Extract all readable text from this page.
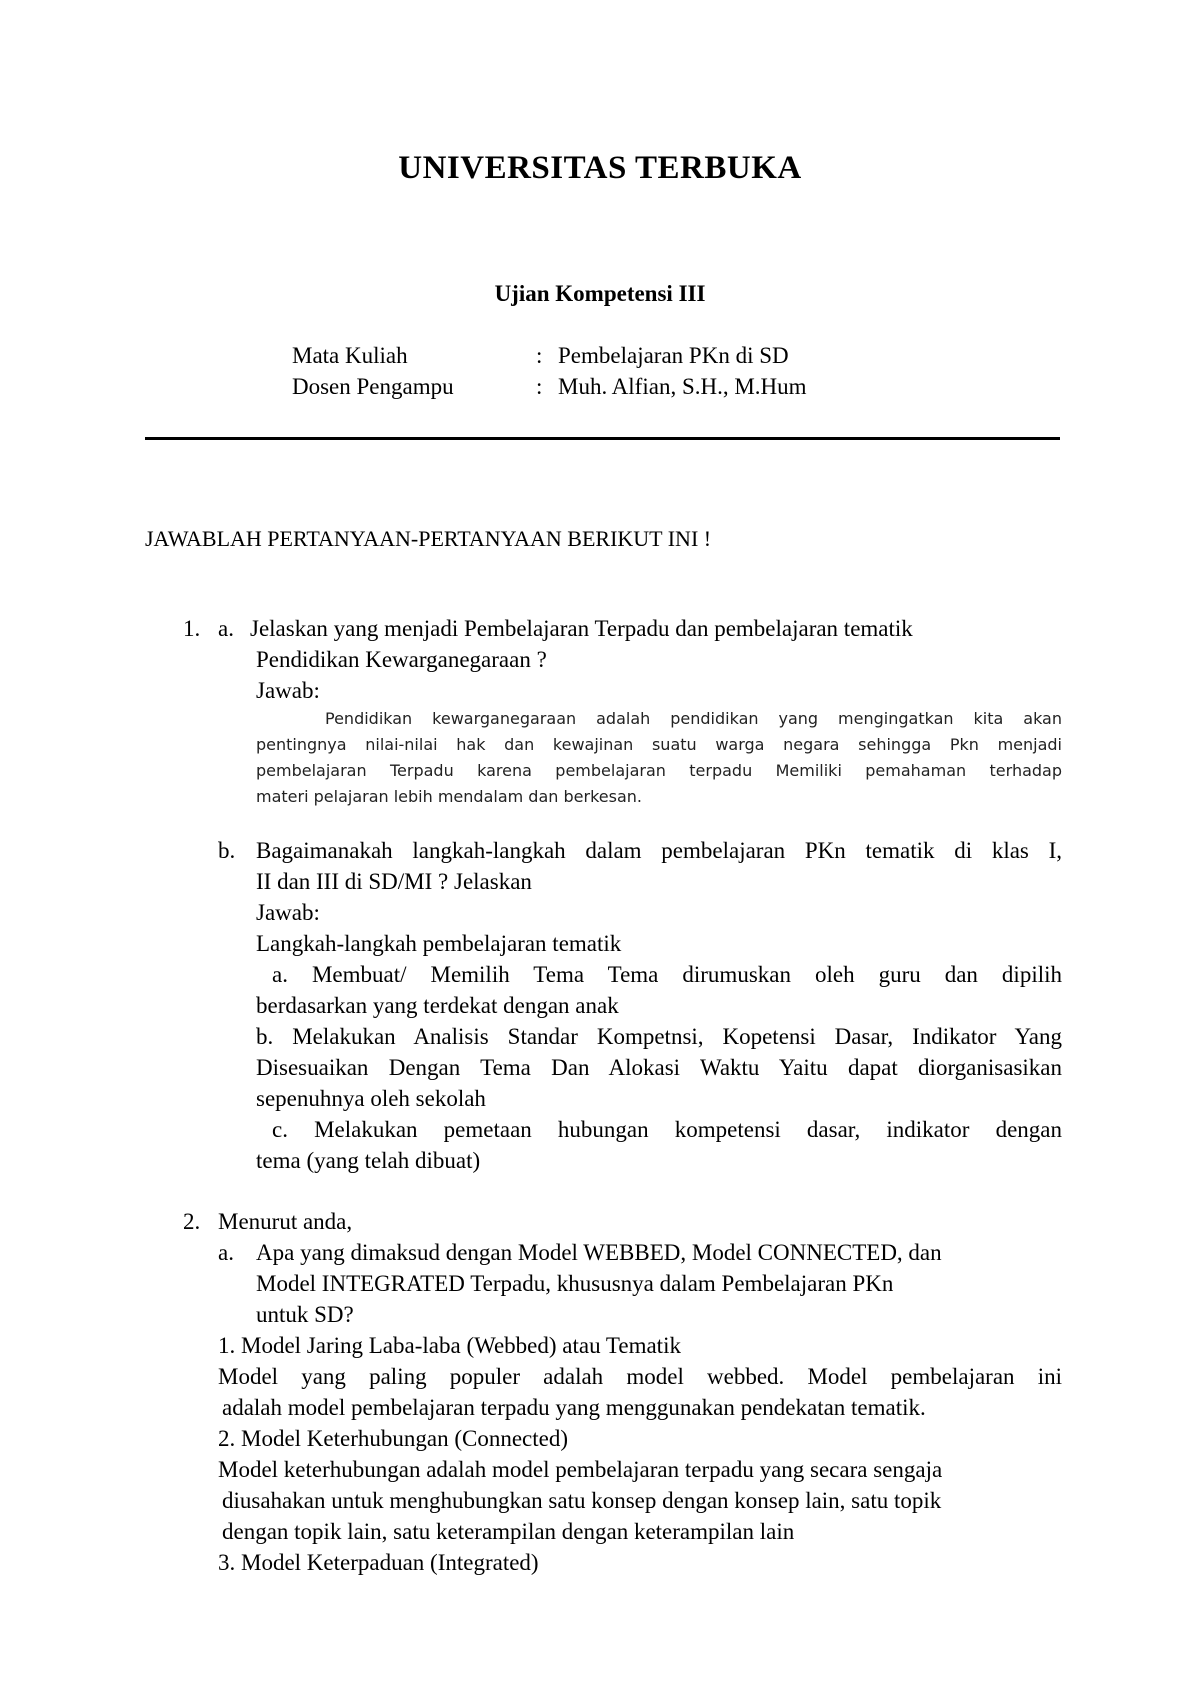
UNIVERSITAS TERBUKA
Ujian Kompetensi III
Mata Kuliah	: Pembelajaran PKn di SD
Dosen Pengampu	: Muh. Alfian, S.H., M.Hum
JAWABLAH PERTANYAAN-PERTANYAAN BERIKUT INI !
1. a. Jelaskan yang menjadi Pembelajaran Terpadu dan pembelajaran tematik
Pendidikan Kewarganegaraan ?
Jawab:
Pendidikan kewarganegaraan adalah pendidikan yang mengingatkan kita akan
pentingnya nilai-nilai hak dan kewajinan suatu warga negara sehingga Pkn menjadi
pembelajaran Terpadu karena pembelajaran terpadu Memiliki pemahaman terhadap
materi pelajaran lebih mendalam dan berkesan.
b. Bagaimanakah langkah-langkah dalam pembelajaran PKn tematik di klas I,
II dan III di SD/MI ? Jelaskan
Jawab:
Langkah-langkah pembelajaran tematik
a. Membuat/ Memilih Tema Tema dirumuskan oleh guru dan dipilih
berdasarkan yang terdekat dengan anak
b. Melakukan Analisis Standar Kompetnsi, Kopetensi Dasar, Indikator Yang
Disesuaikan Dengan Tema Dan Alokasi Waktu Yaitu dapat diorganisasikan
sepenuhnya oleh sekolah
c. Melakukan pemetaan hubungan kompetensi dasar, indikator dengan
tema (yang telah dibuat)
2. Menurut anda,
a. Apa yang dimaksud dengan Model WEBBED, Model CONNECTED, dan
Model INTEGRATED Terpadu, khususnya dalam Pembelajaran PKn
untuk SD?
1. Model Jaring Laba-laba (Webbed) atau Tematik
Model yang paling populer adalah model webbed. Model pembelajaran ini
adalah model pembelajaran terpadu yang menggunakan pendekatan tematik.
2. Model Keterhubungan (Connected)
Model keterhubungan adalah model pembelajaran terpadu yang secara sengaja
diusahakan untuk menghubungkan satu konsep dengan konsep lain, satu topik
dengan topik lain, satu keterampilan dengan keterampilan lain
3. Model Keterpaduan (Integrated)
